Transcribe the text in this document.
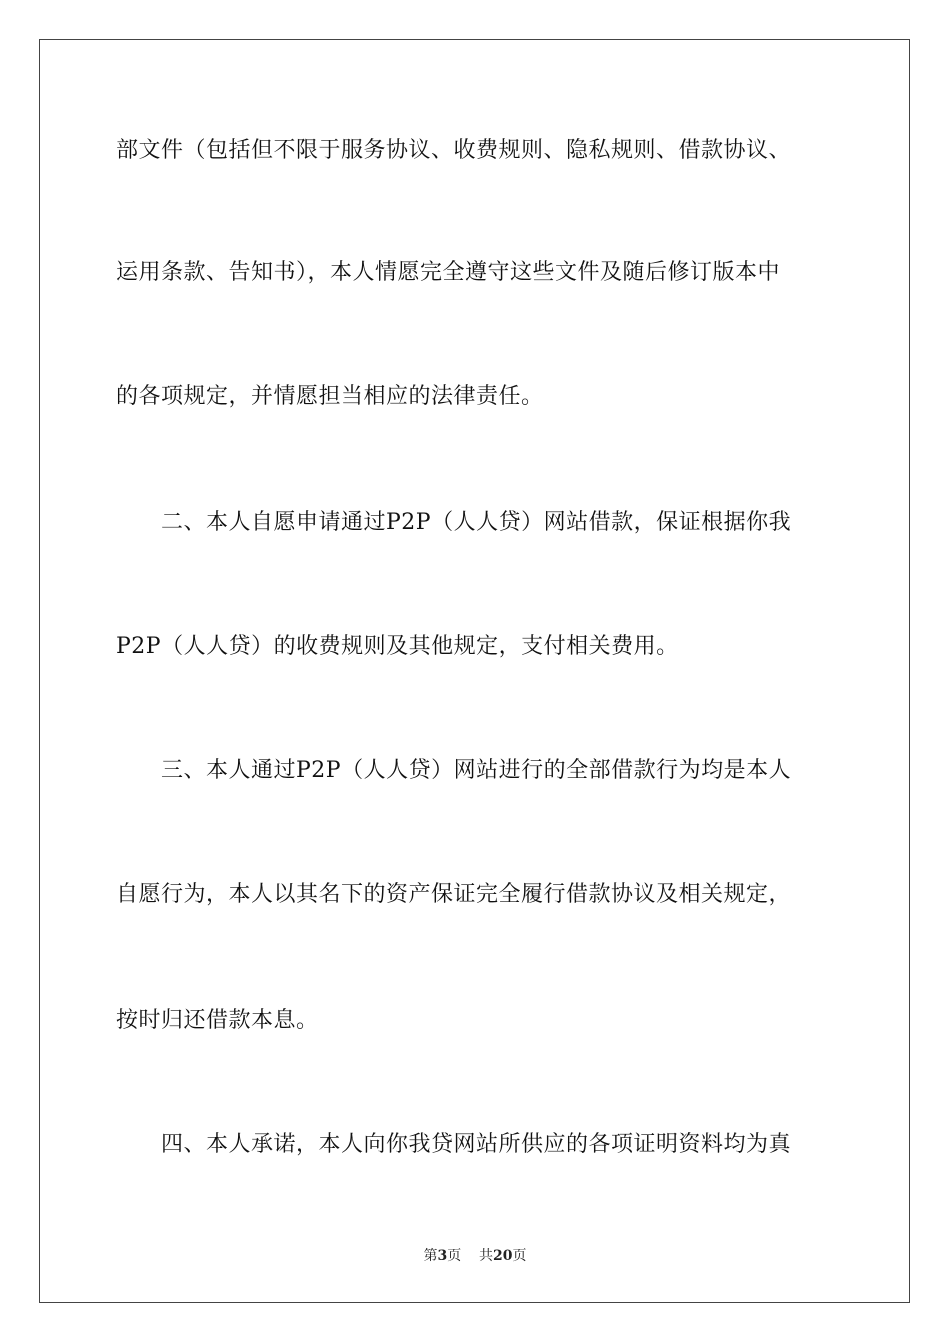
部文件（包括但不限于服务协议、收费规则、隐私规则、借款协议、
运用条款、告知书），本人情愿完全遵守这些文件及随后修订版本中
的各项规定，并情愿担当相应的法律责任。
　　二、本人自愿申请通过P2P（人人贷）网站借款，保证根据你我
P2P（人人贷）的收费规则及其他规定，支付相关费用。
　　三、本人通过P2P（人人贷）网站进行的全部借款行为均是本人
自愿行为，本人以其名下的资产保证完全履行借款协议及相关规定，
按时归还借款本息。
　　四、本人承诺，本人向你我贷网站所供应的各项证明资料均为真
第3页 共20页
